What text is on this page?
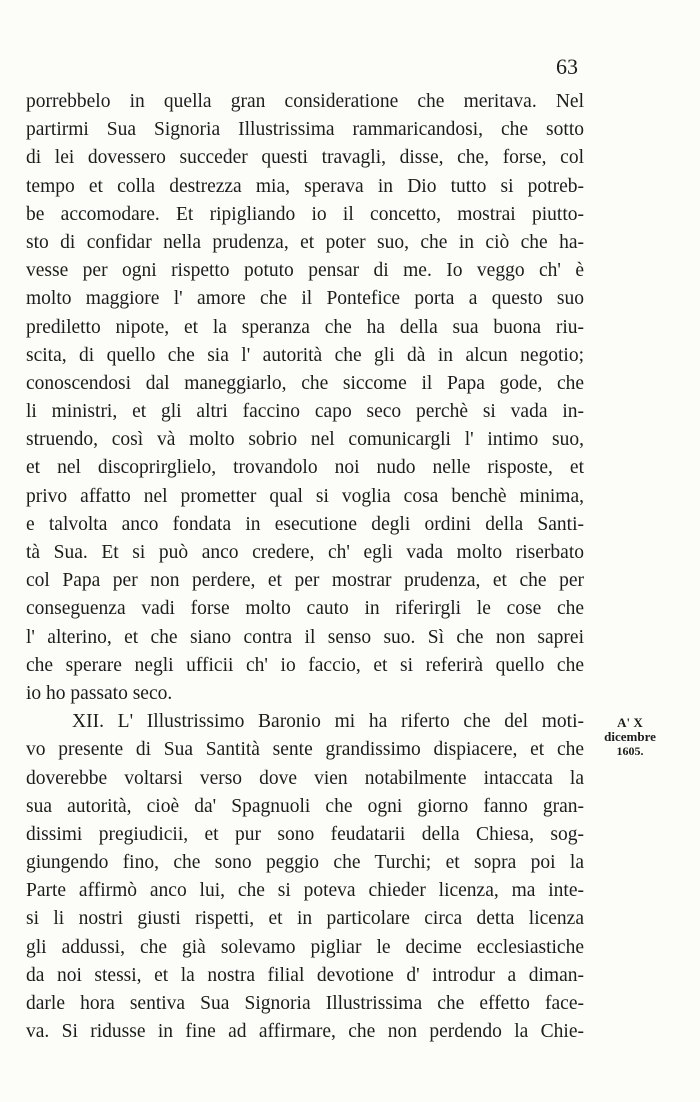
63
porrebbelo in quella gran consideratione che meritava. Nel
partirmi Sua Signoria Illustrissima rammaricandosi, che sotto
di lei dovessero succeder questi travagli, disse, che, forse, col
tempo et colla destrezza mia, sperava in Dio tutto si potreb-
be accomodare. Et ripigliando io il concetto, mostrai piutto-
sto di confidar nella prudenza, et poter suo, che in ciò che ha-
vesse per ogni rispetto potuto pensar di me. Io veggo ch' è
molto maggiore l' amore che il Pontefice porta a questo suo
prediletto nipote, et la speranza che ha della sua buona riu-
scita, di quello che sia l' autorità che gli dà in alcun negotio;
conoscendosi dal maneggiarlo, che siccome il Papa gode, che
li ministri, et gli altri faccino capo seco perchè si vada in-
struendo, così và molto sobrio nel comunicargli l' intimo suo,
et nel discoprirglielo, trovandolo noi nudo nelle risposte, et
privo affatto nel prometter qual si voglia cosa benchè minima,
e talvolta anco fondata in esecutione degli ordini della Santi-
tà Sua. Et si può anco credere, ch' egli vada molto riserbato
col Papa per non perdere, et per mostrar prudenza, et che per
conseguenza vadi forse molto cauto in riferirgli le cose che
l' alterino, et che siano contra il senso suo. Sì che non saprei
che sperare negli ufficii ch' io faccio, et si referirà quello che
io ho passato seco.
XII. L' Illustrissimo Baronio mi ha riferto che del moti-
vo presente di Sua Santità sente grandissimo dispiacere, et che
doverebbe voltarsi verso dove vien notabilmente intaccata la
sua autorità, cioè da' Spagnuoli che ogni giorno fanno gran-
dissimi pregiudicii, et pur sono feudatarii della Chiesa, sog-
giungendo fino, che sono peggio che Turchi; et sopra poi la
Parte affirmò anco lui, che si poteva chieder licenza, ma inte-
si li nostri giusti rispetti, et in particolare circa detta licenza
gli addussi, che già solevamo pigliar le decime ecclesiastiche
da noi stessi, et la nostra filial devotione d' introdur a diman-
darle hora sentiva Sua Signoria Illustrissima che effetto face-
va. Si ridusse in fine ad affirmare, che non perdendo la Chie-
A' X
dicembre
1605.
